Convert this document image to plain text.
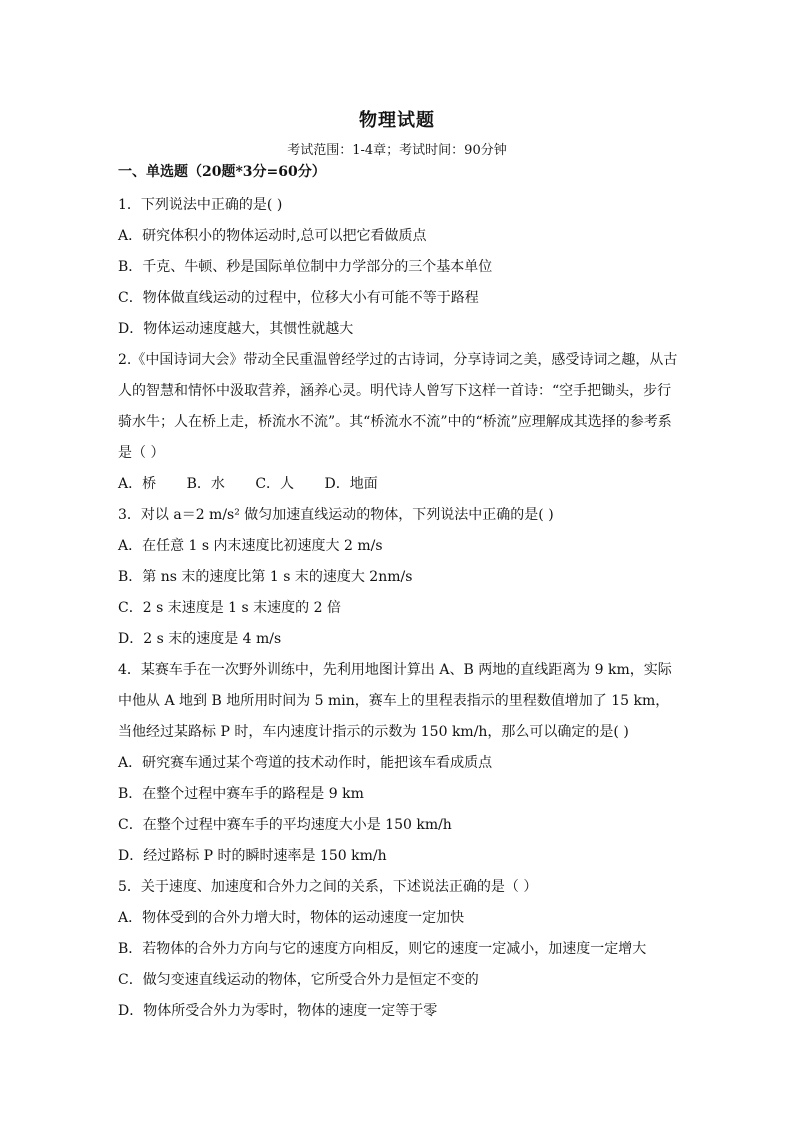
物理试题
考试范围：1-4章；考试时间：90分钟
一、单选题（20题*3分=60分）

1．下列说法中正确的是( )

A．研究体积小的物体运动时,总可以把它看做质点
B．千克、牛顿、秒是国际单位制中力学部分的三个基本单位
C．物体做直线运动的过程中，位移大小有可能不等于路程
D．物体运动速度越大，其惯性就越大

2.《中国诗词大会》带动全民重温曾经学过的古诗词，分享诗词之美，感受诗词之趣，从古人的智慧和情怀中汲取营养，涵养心灵。明代诗人曾写下这样一首诗：“空手把锄头，步行骑水牛；人在桥上走，桥流水不流”。其“桥流水不流”中的“桥流”应理解成其选择的参考系是（ ）

A．桥 B．水 C．人 D．地面

3．对以 a＝2 m/s² 做匀加速直线运动的物体，下列说法中正确的是( )

A．在任意 1 s 内末速度比初速度大 2 m/s
B．第 ns 末的速度比第 1 s 末的速度大 2nm/s
C．2 s 末速度是 1 s 末速度的 2 倍
D．2 s 末的速度是 4 m/s

4．某赛车手在一次野外训练中，先利用地图计算出 A、B 两地的直线距离为 9 km，实际中他从 A 地到 B 地所用时间为 5 min，赛车上的里程表指示的里程数值增加了 15 km，当他经过某路标 P 时，车内速度计指示的示数为 150 km/h，那么可以确定的是( )

A．研究赛车通过某个弯道的技术动作时，能把该车看成质点
B．在整个过程中赛车手的路程是 9 km
C．在整个过程中赛车手的平均速度大小是 150 km/h
D．经过路标 P 时的瞬时速率是 150 km/h

5．关于速度、加速度和合外力之间的关系，下述说法正确的是（ ）

A．物体受到的合外力增大时，物体的运动速度一定加快
B．若物体的合外力方向与它的速度方向相反，则它的速度一定减小，加速度一定增大
C．做匀变速直线运动的物体，它所受合外力是恒定不变的
D．物体所受合外力为零时，物体的速度一定等于零
